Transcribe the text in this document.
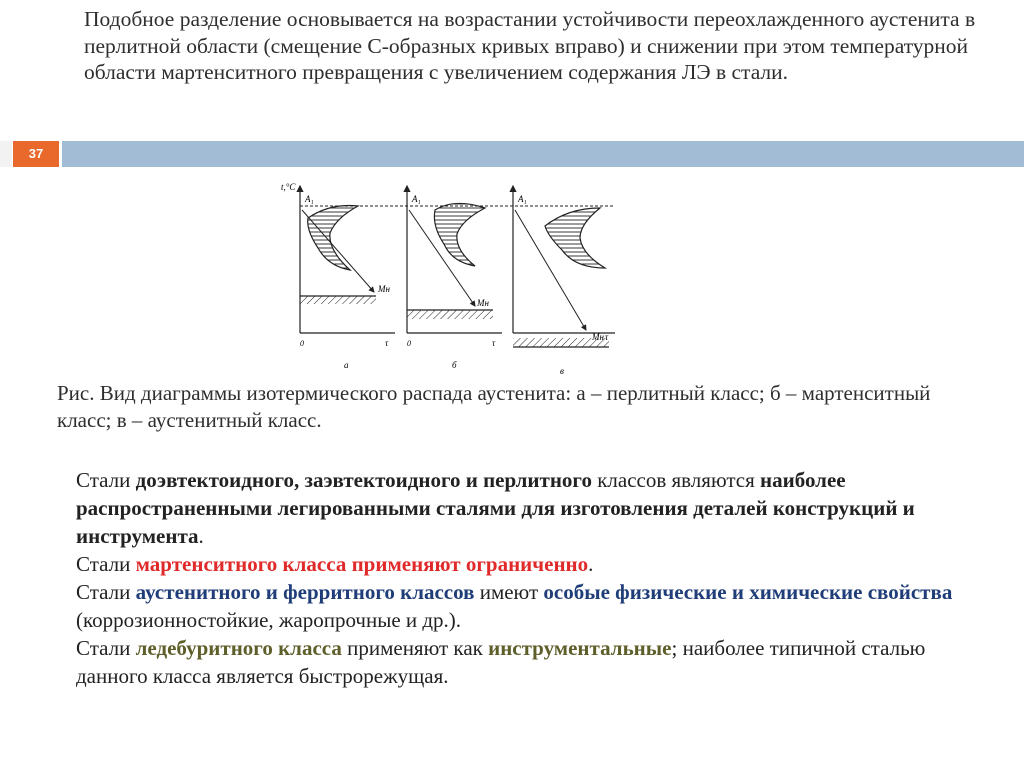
Подобное разделение основывается на возрастании устойчивости переохлажденного аустенита в перлитной области (смещение С-образных кривых вправо) и снижении при этом температурной области мартенситного превращения с увеличением содержания ЛЭ в стали.
37
t,°C
A₁
Mн
0	τ
а
A₁
Mн
0	τ
б
A₁
Mн τ
в
Рис. Вид диаграммы изотермического распада аустенита: а – перлитный класс; б – мартенситный класс; в – аустенитный класс.

Стали доэвтектоидного, заэвтектоидного и перлитного классов являются наиболее распространенными легированными сталями для изготовления деталей конструкций и инструмента.

Стали мартенситного класса применяют ограниченно.

Стали аустенитного и ферритного классов имеют особые физические и химические свойства (коррозионностойкие, жаропрочные и др.).

Стали ледебуритного класса применяют как инструментальные; наиболее типичной сталью данного класса является быстрорежущая.
